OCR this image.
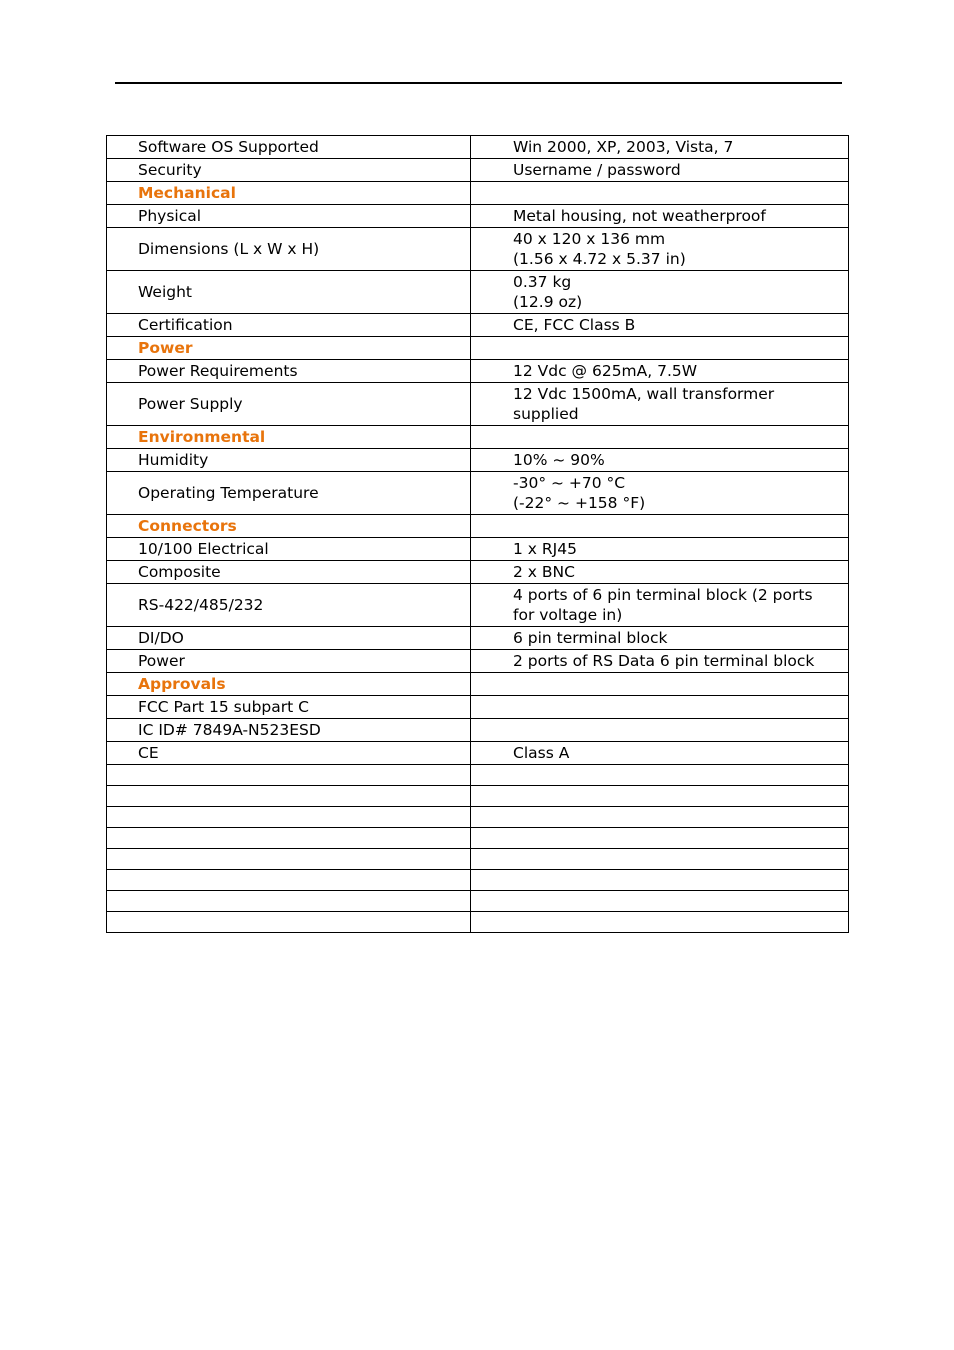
Software OS Supported	Win 2000, XP, 2003, Vista, 7
Security	Username / password
Mechanical	
Physical	Metal housing, not weatherproof
Dimensions (L x W x H)	40 x 120 x 136 mm
(1.56 x 4.72 x 5.37 in)

Weight	0.37 kg
(12.9 oz)

Certification	CE, FCC Class B
Power	
Power Requirements	12 Vdc @ 625mA, 7.5W
Power Supply	12 Vdc 1500mA, wall transformer
supplied

Environmental	
Humidity	10% ~ 90%
Operating Temperature	-30° ~ +70 °C
(-22° ~ +158 °F)

Connectors	
10/100 Electrical	1 x RJ45
Composite	2 x BNC
RS-422/485/232	4 ports of 6 pin terminal block (2 ports
for voltage in)

DI/DO	6 pin terminal block
Power	2 ports of RS Data 6 pin terminal block
Approvals	
FCC Part 15 subpart C	
IC ID# 7849A-N523ESD	
CE	Class A
